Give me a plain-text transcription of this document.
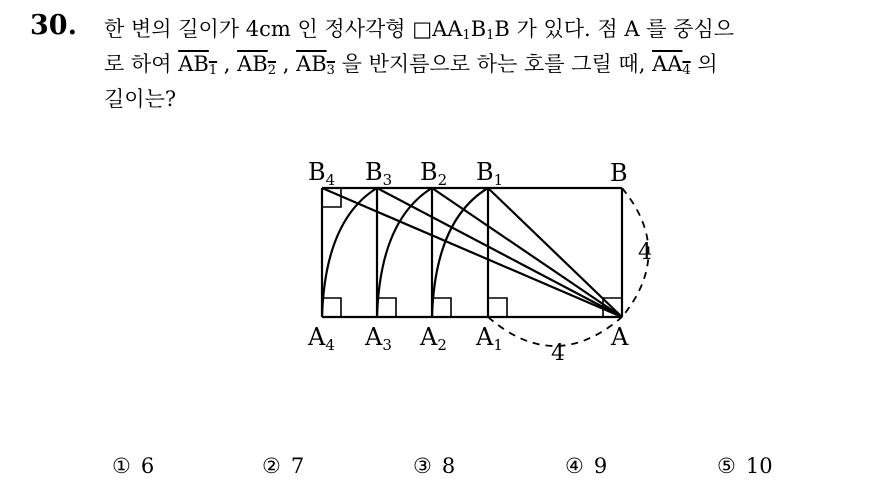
30. 한 변의 길이가 4cm 인 정사각형 $□AA_1B_1B$ 가 있다. 점 A 를 중심으
로 하여 $AB_1$ , $AB_2$ , $AB_3$ 을 반지름으로 하는 호를 그릴 때, $AA_4$ 의
길이는?
$B_4$ $B_3$ $B_2$ $B_1$	B
$A_4$ $A_3$ $A_2$ $A_1$	A
4
4
① 6	② 7	③ 8	④ 9	⑤ 10
